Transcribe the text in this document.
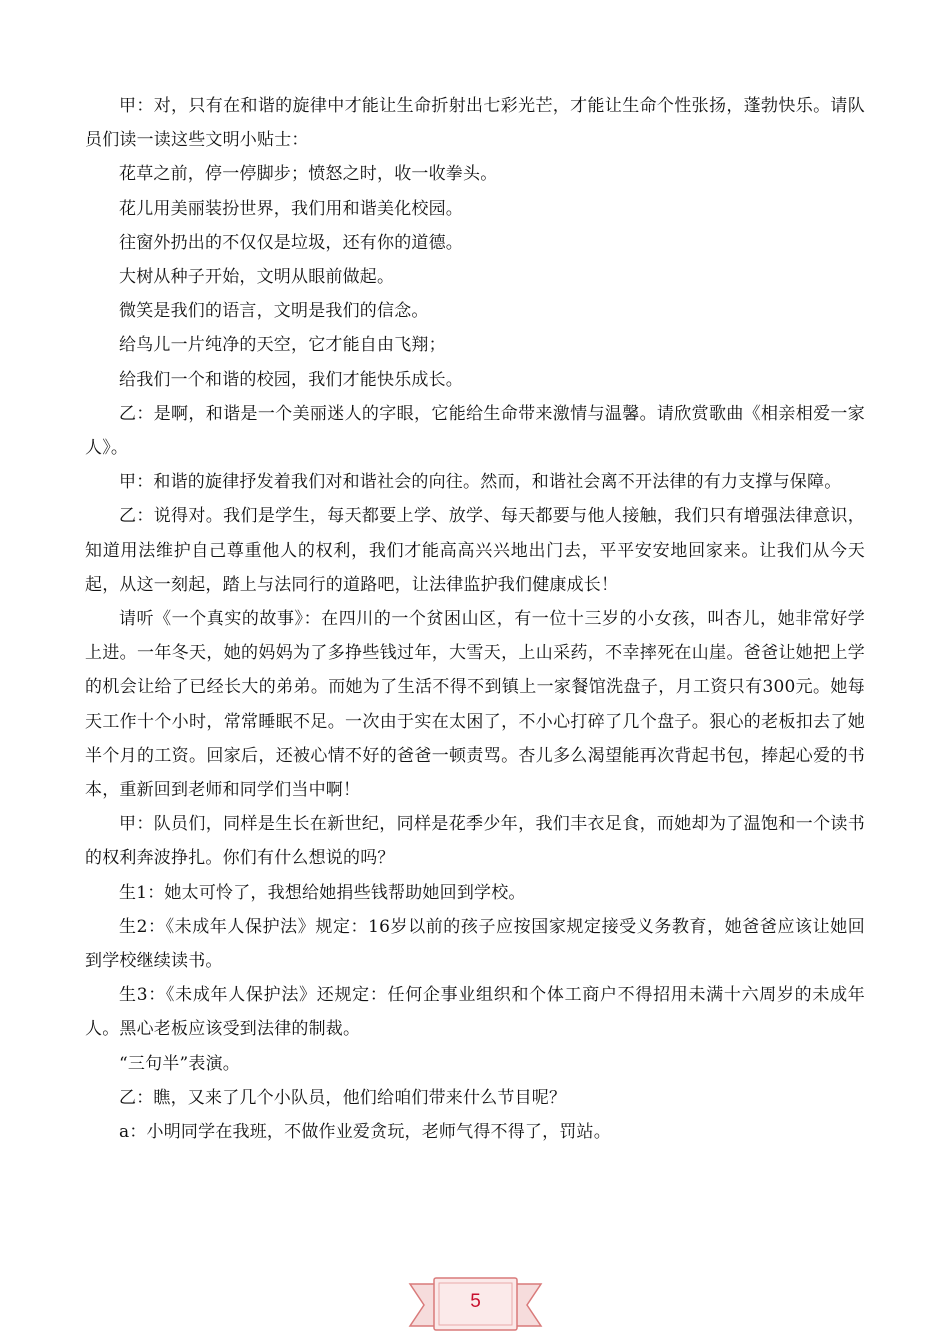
甲：对，只有在和谐的旋律中才能让生命折射出七彩光芒，才能让生命个性张扬，蓬勃快乐。请队员们读一读这些文明小贴士：

花草之前，停一停脚步；愤怒之时，收一收拳头。

花儿用美丽装扮世界，我们用和谐美化校园。

往窗外扔出的不仅仅是垃圾，还有你的道德。

大树从种子开始，文明从眼前做起。

微笑是我们的语言，文明是我们的信念。

给鸟儿一片纯净的天空，它才能自由飞翔；

给我们一个和谐的校园，我们才能快乐成长。

乙：是啊，和谐是一个美丽迷人的字眼，它能给生命带来激情与温馨。请欣赏歌曲《相亲相爱一家人》。

甲：和谐的旋律抒发着我们对和谐社会的向往。然而，和谐社会离不开法律的有力支撑与保障。

乙：说得对。我们是学生，每天都要上学、放学、每天都要与他人接触，我们只有增强法律意识，知道用法维护自己尊重他人的权利，我们才能高高兴兴地出门去，平平安安地回家来。让我们从今天起，从这一刻起，踏上与法同行的道路吧，让法律监护我们健康成长！

请听《一个真实的故事》：在四川的一个贫困山区，有一位十三岁的小女孩，叫杏儿，她非常好学上进。一年冬天，她的妈妈为了多挣些钱过年，大雪天，上山采药，不幸摔死在山崖。爸爸让她把上学的机会让给了已经长大的弟弟。而她为了生活不得不到镇上一家餐馆洗盘子，月工资只有300元。她每天工作十个小时，常常睡眠不足。一次由于实在太困了，不小心打碎了几个盘子。狠心的老板扣去了她半个月的工资。回家后，还被心情不好的爸爸一顿责骂。杏儿多么渴望能再次背起书包，捧起心爱的书本，重新回到老师和同学们当中啊！

甲：队员们，同样是生长在新世纪，同样是花季少年，我们丰衣足食，而她却为了温饱和一个读书的权利奔波挣扎。你们有什么想说的吗？

生1：她太可怜了，我想给她捐些钱帮助她回到学校。

生2：《未成年人保护法》规定：16岁以前的孩子应按国家规定接受义务教育，她爸爸应该让她回到学校继续读书。

生3：《未成年人保护法》还规定：任何企事业组织和个体工商户不得招用未满十六周岁的未成年人。黑心老板应该受到法律的制裁。

“三句半”表演。

乙：瞧，又来了几个小队员，他们给咱们带来什么节目呢？

a：小明同学在我班，不做作业爱贪玩，老师气得不得了，罚站。

5
